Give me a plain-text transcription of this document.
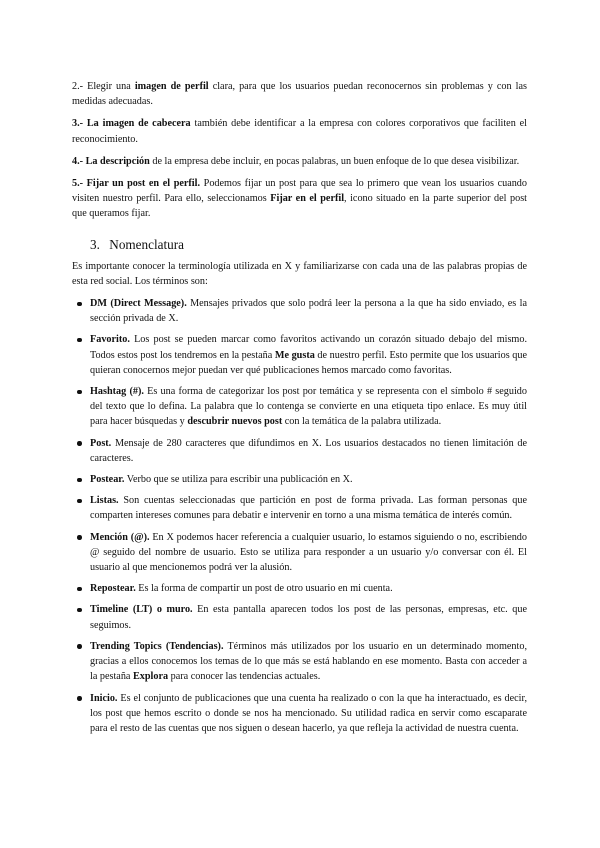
2.- Elegir una imagen de perfil clara, para que los usuarios puedan reconocernos sin problemas y con las medidas adecuadas.

3.- La imagen de cabecera también debe identificar a la empresa con colores corporativos que faciliten el reconocimiento.

4.- La descripción de la empresa debe incluir, en pocas palabras, un buen enfoque de lo que desea visibilizar.

5.- Fijar un post en el perfil. Podemos fijar un post para que sea lo primero que vean los usuarios cuando visiten nuestro perfil. Para ello, seleccionamos Fijar en el perfil, icono situado en la parte superior del post que queramos fijar.

3. Nomenclatura

Es importante conocer la terminología utilizada en X y familiarizarse con cada una de las palabras propias de esta red social. Los términos son:

DM (Direct Message). Mensajes privados que solo podrá leer la persona a la que ha sido enviado, es la sección privada de X.
Favorito. Los post se pueden marcar como favoritos activando un corazón situado debajo del mismo. Todos estos post los tendremos en la pestaña Me gusta de nuestro perfil. Esto permite que los usuarios que quieran conocernos mejor puedan ver qué publicaciones hemos marcado como favoritas.
Hashtag (#). Es una forma de categorizar los post por temática y se representa con el símbolo # seguido del texto que lo defina. La palabra que lo contenga se convierte en una etiqueta tipo enlace. Es muy útil para hacer búsquedas y descubrir nuevos post con la temática de la palabra utilizada.
Post. Mensaje de 280 caracteres que difundimos en X. Los usuarios destacados no tienen limitación de caracteres.
Postear. Verbo que se utiliza para escribir una publicación en X.
Listas. Son cuentas seleccionadas que partición en post de forma privada. Las forman personas que comparten intereses comunes para debatir e intervenir en torno a una misma temática de interés común.
Mención (@). En X podemos hacer referencia a cualquier usuario, lo estamos siguiendo o no, escribiendo @ seguido del nombre de usuario. Esto se utiliza para responder a un usuario y/o conversar con él. El usuario al que mencionemos podrá ver la alusión.
Repostear. Es la forma de compartir un post de otro usuario en mi cuenta.
Timeline (LT) o muro. En esta pantalla aparecen todos los post de las personas, empresas, etc. que seguimos.
Trending Topics (Tendencias). Términos más utilizados por los usuario en un determinado momento, gracias a ellos conocemos los temas de lo que más se está hablando en ese momento. Basta con acceder a la pestaña Explora para conocer las tendencias actuales.
Inicio. Es el conjunto de publicaciones que una cuenta ha realizado o con la que ha interactuado, es decir, los post que hemos escrito o donde se nos ha mencionado. Su utilidad radica en servir como escaparate para el resto de las cuentas que nos siguen o desean hacerlo, ya que refleja la actividad de nuestra cuenta.
